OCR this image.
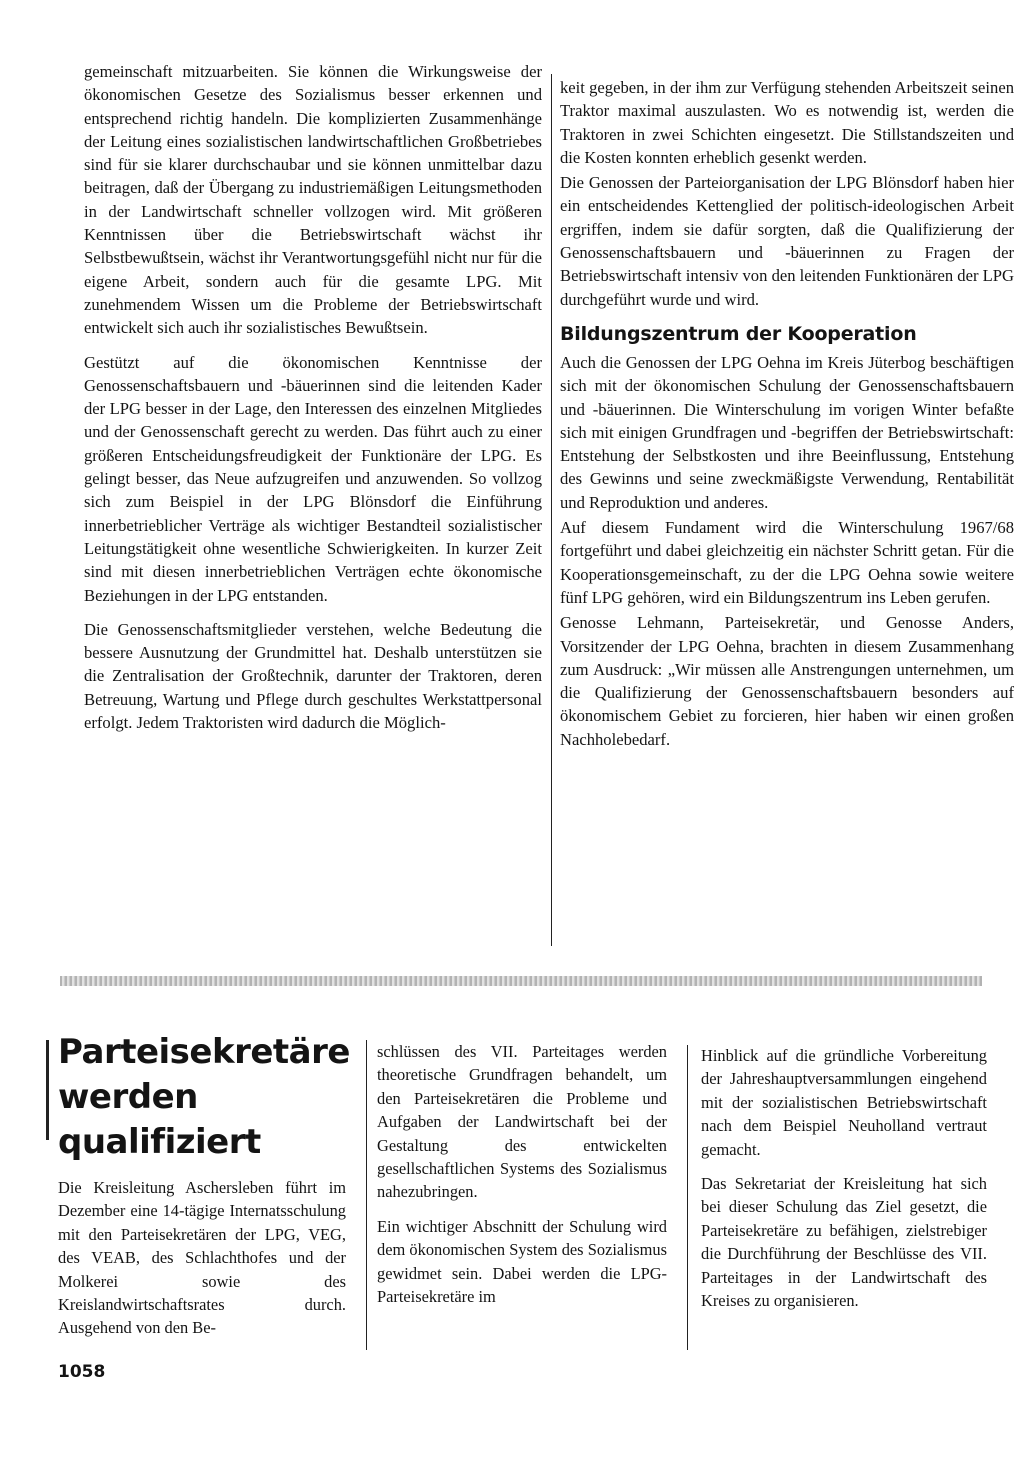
gemeinschaft mitzuarbeiten. Sie können die Wirkungsweise der ökonomischen Gesetze des Sozialismus besser erkennen und entsprechend richtig handeln. Die komplizierten Zusammenhänge der Leitung eines sozialistischen landwirtschaftlichen Großbetriebes sind für sie klarer durchschaubar und sie können unmittelbar dazu beitragen, daß der Übergang zu industriemäßigen Leitungsmethoden in der Landwirtschaft schneller vollzogen wird. Mit größeren Kenntnissen über die Betriebswirtschaft wächst ihr Selbstbewußtsein, wächst ihr Verantwortungsgefühl nicht nur für die eigene Arbeit, sondern auch für die gesamte LPG. Mit zunehmendem Wissen um die Probleme der Betriebswirtschaft entwickelt sich auch ihr sozialistisches Bewußtsein.

Gestützt auf die ökonomischen Kenntnisse der Genossenschaftsbauern und -bäuerinnen sind die leitenden Kader der LPG besser in der Lage, den Interessen des einzelnen Mitgliedes und der Genossenschaft gerecht zu werden. Das führt auch zu einer größeren Entscheidungsfreudigkeit der Funktionäre der LPG. Es gelingt besser, das Neue aufzugreifen und anzuwenden. So vollzog sich zum Beispiel in der LPG Blönsdorf die Einführung innerbetrieblicher Verträge als wichtiger Bestandteil sozialistischer Leitungstätigkeit ohne wesentliche Schwierigkeiten. In kurzer Zeit sind mit diesen innerbetrieblichen Verträgen echte ökonomische Beziehungen in der LPG entstanden.

Die Genossenschaftsmitglieder verstehen, welche Bedeutung die bessere Ausnutzung der Grundmittel hat. Deshalb unterstützen sie die Zentralisation der Großtechnik, darunter der Traktoren, deren Betreuung, Wartung und Pflege durch geschultes Werkstattpersonal erfolgt. Jedem Traktoristen wird dadurch die Möglich-

keit gegeben, in der ihm zur Verfügung stehenden Arbeitszeit seinen Traktor maximal auszulasten. Wo es notwendig ist, werden die Traktoren in zwei Schichten eingesetzt. Die Stillstandszeiten und die Kosten konnten erheblich gesenkt werden.

Die Genossen der Parteiorganisation der LPG Blönsdorf haben hier ein entscheidendes Kettenglied der politisch-ideologischen Arbeit ergriffen, indem sie dafür sorgten, daß die Qualifizierung der Genossenschaftsbauern und -bäuerinnen zu Fragen der Betriebswirtschaft intensiv von den leitenden Funktionären der LPG durchgeführt wurde und wird.

Bildungszentrum der Kooperation

Auch die Genossen der LPG Oehna im Kreis Jüterbog beschäftigen sich mit der ökonomischen Schulung der Genossenschaftsbauern und -bäuerinnen. Die Winterschulung im vorigen Winter befaßte sich mit einigen Grundfragen und -begriffen der Betriebswirtschaft: Entstehung der Selbstkosten und ihre Beeinflussung, Entstehung des Gewinns und seine zweckmäßigste Verwendung, Rentabilität und Reproduktion und anderes.

Auf diesem Fundament wird die Winterschulung 1967/68 fortgeführt und dabei gleichzeitig ein nächster Schritt getan. Für die Kooperationsgemeinschaft, zu der die LPG Oehna sowie weitere fünf LPG gehören, wird ein Bildungszentrum ins Leben gerufen.

Genosse Lehmann, Parteisekretär, und Genosse Anders, Vorsitzender der LPG Oehna, brachten in diesem Zusammenhang zum Ausdruck: „Wir müssen alle Anstrengungen unternehmen, um die Qualifizierung der Genossenschaftsbauern besonders auf ökonomischem Gebiet zu forcieren, hier haben wir einen großen Nachholebedarf.

Parteisekretäre
werden
qualifiziert

Die Kreisleitung Aschersleben führt im Dezember eine 14-tägige Internatsschulung mit den Parteisekretären der LPG, VEG, des VEAB, des Schlachthofes und der Molkerei sowie des Kreislandwirtschaftsrates durch. Ausgehend von den Be-

schlüssen des VII. Parteitages werden theoretische Grundfragen behandelt, um den Parteisekretären die Probleme und Aufgaben der Landwirtschaft bei der Gestaltung des entwickelten gesellschaftlichen Systems des Sozialismus nahezubringen.

Ein wichtiger Abschnitt der Schulung wird dem ökonomischen System des Sozialismus gewidmet sein. Dabei werden die LPG-Parteisekretäre im

Hinblick auf die gründliche Vorbereitung der Jahreshauptversammlungen eingehend mit der sozialistischen Betriebswirtschaft nach dem Beispiel Neuholland vertraut gemacht.

Das Sekretariat der Kreisleitung hat sich bei dieser Schulung das Ziel gesetzt, die Parteisekretäre zu befähigen, zielstrebiger die Durchführung der Beschlüsse des VII. Parteitages in der Landwirtschaft des Kreises zu organisieren.

1058
